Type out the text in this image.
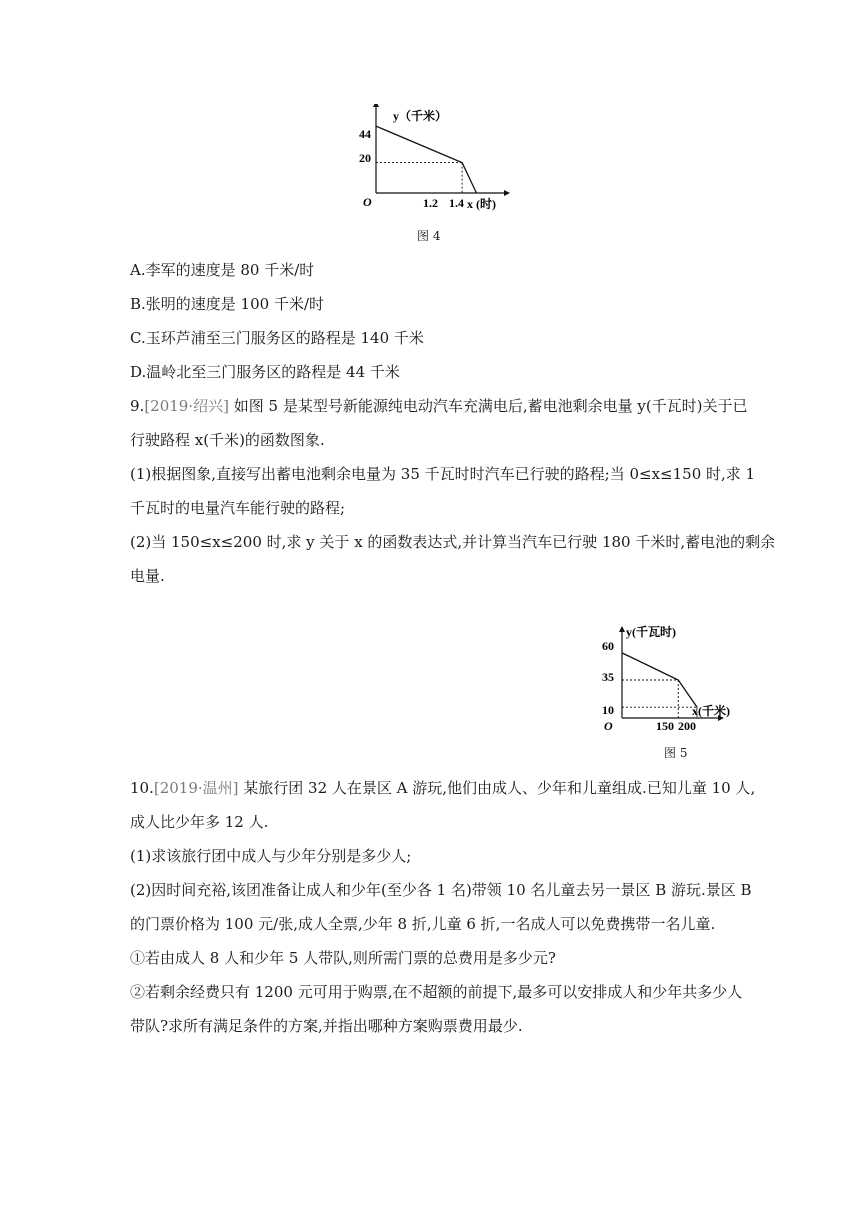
y（千米）
x (时)
O
44
20
1.2 1.4
图 4
A.李军的速度是 80 千米/时
B.张明的速度是 100 千米/时
C.玉环芦浦至三门服务区的路程是 140 千米
D.温岭北至三门服务区的路程是 44 千米
9.[2019·绍兴] 如图 5 是某型号新能源纯电动汽车充满电后,蓄电池剩余电量 y(千瓦时)关于已
行驶路程 x(千米)的函数图象.
(1)根据图象,直接写出蓄电池剩余电量为 35 千瓦时时汽车已行驶的路程;当 0≤x≤150 时,求 1
千瓦时的电量汽车能行驶的路程;
(2)当 150≤x≤200 时,求 y 关于 x 的函数表达式,并计算当汽车已行驶 180 千米时,蓄电池的剩余
电量.
y(千瓦时)
x(千米)
O
60
35
10
150 200
图 5
10.[2019·温州] 某旅行团 32 人在景区 A 游玩,他们由成人、少年和儿童组成.已知儿童 10 人,
成人比少年多 12 人.
(1)求该旅行团中成人与少年分别是多少人;
(2)因时间充裕,该团准备让成人和少年(至少各 1 名)带领 10 名儿童去另一景区 B 游玩.景区 B
的门票价格为 100 元/张,成人全票,少年 8 折,儿童 6 折,一名成人可以免费携带一名儿童.
①若由成人 8 人和少年 5 人带队,则所需门票的总费用是多少元?
②若剩余经费只有 1200 元可用于购票,在不超额的前提下,最多可以安排成人和少年共多少人
带队?求所有满足条件的方案,并指出哪种方案购票费用最少.
